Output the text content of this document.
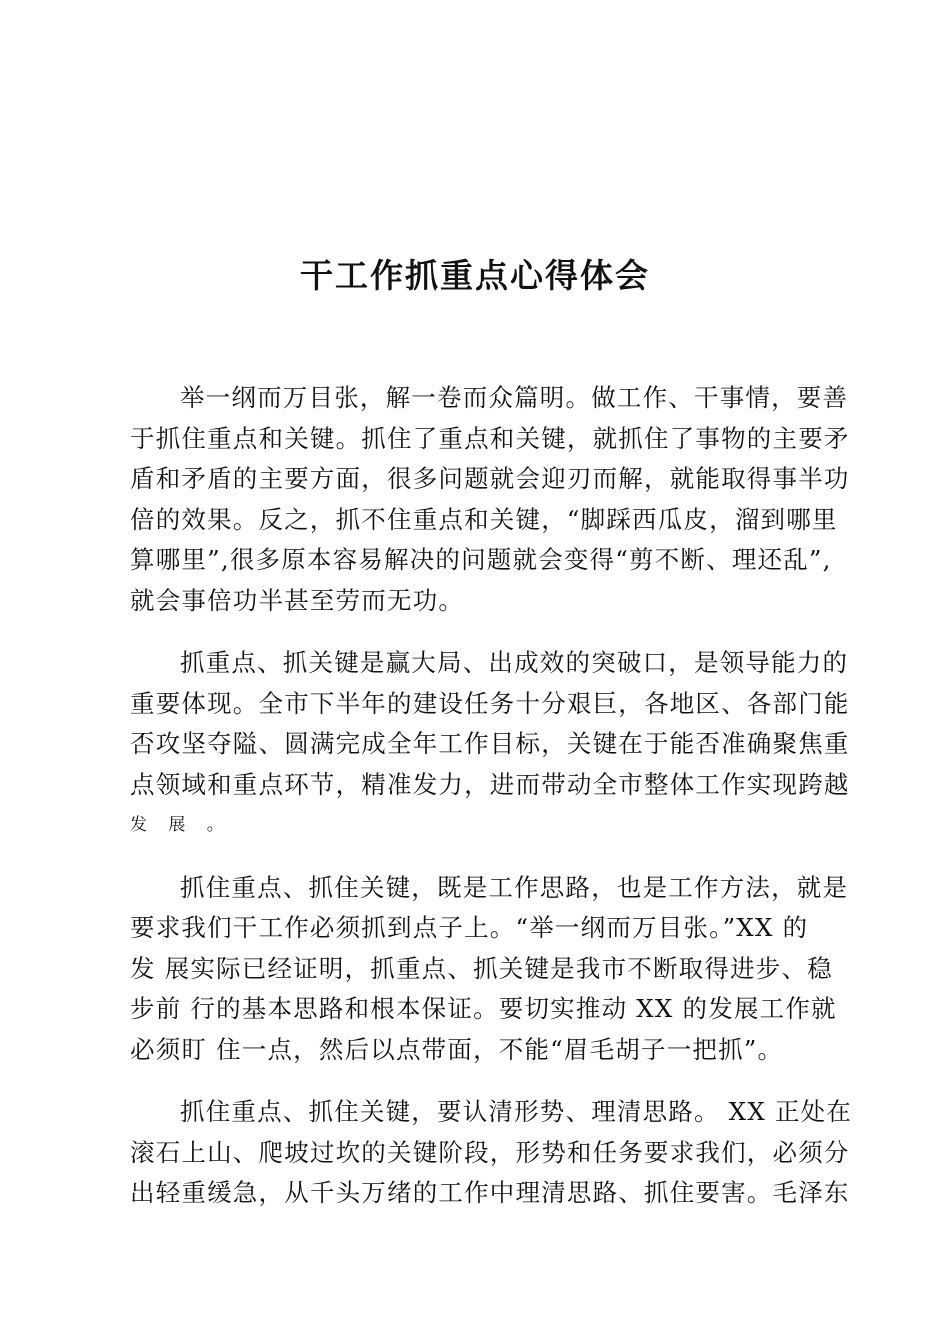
干工作抓重点心得体会

举一纲而万目张，解一卷而众篇明。做工作、干事情，要善
于抓住重点和关键。抓住了重点和关键，就抓住了事物的主要矛
盾和矛盾的主要方面，很多问题就会迎刃而解，就能取得事半功
倍的效果。反之，抓不住重点和关键，“脚踩西瓜皮，溜到哪里
算哪里”,很多原本容易解决的问题就会变得“剪不断、理还乱”,
就会事倍功半甚至劳而无功。

抓重点、抓关键是赢大局、出成效的突破口，是领导能力的
重要体现。全市下半年的建设任务十分艰巨，各地区、各部门能
否攻坚夺隘、圆满完成全年工作目标，关键在于能否准确聚焦重
点领域和重点环节，精准发力，进而带动全市整体工作实现跨越
发 展 。

抓住重点、抓住关键，既是工作思路，也是工作方法，就是
要求我们干工作必须抓到点子上。“举一纲而万目张。”XX 的
发 展实际已经证明，抓重点、抓关键是我市不断取得进步、稳
步前 行的基本思路和根本保证。要切实推动 XX 的发展工作就
必须盯 住一点，然后以点带面，不能“眉毛胡子一把抓”。

抓住重点、抓住关键，要认清形势、理清思路。 XX 正处在
滚石上山、爬坡过坎的关键阶段，形势和任务要求我们，必须分
出轻重缓急，从千头万绪的工作中理清思路、抓住要害。毛泽东
